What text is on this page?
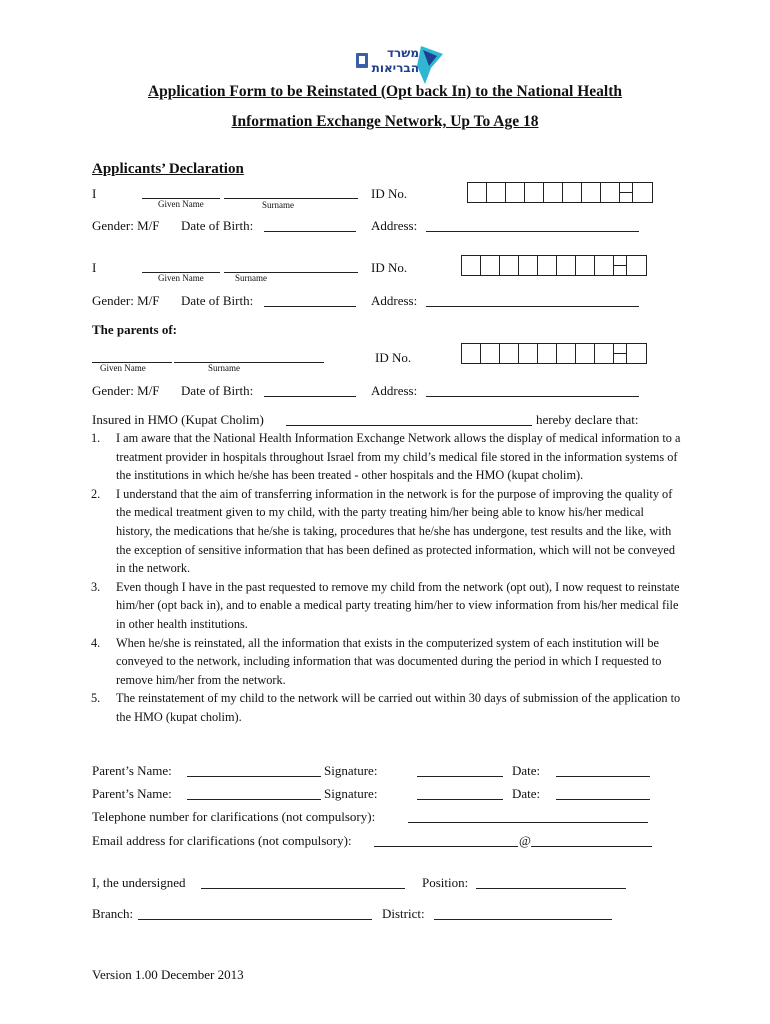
משרד
הבריאות
Application Form to be Reinstated (Opt back In) to the National Health
Information Exchange Network, Up To Age 18
Applicants’ Declaration
I
Given Name	Surname
ID No.
Gender: M/F Date of Birth:	Address:
I
Given Name	Surname
ID No.
Gender: M/F Date of Birth:	Address:
The parents of:
Given Name	Surname
ID No.
Gender: M/F Date of Birth:	Address:
Insured in HMO (Kupat Cholim)	hereby declare that:
1. I am aware that the National Health Information Exchange Network allows the display of medical information to a treatment provider in hospitals throughout Israel from my child’s medical file stored in the information systems of the institutions in which he/she has been treated - other hospitals and the HMO (kupat cholim).
2. I understand that the aim of transferring information in the network is for the purpose of improving the quality of the medical treatment given to my child, with the party treating him/her being able to know his/her medical history, the medications that he/she is taking, procedures that he/she has undergone, test results and the like, with the exception of sensitive information that has been defined as protected information, which will not be conveyed in the network.
3. Even though I have in the past requested to remove my child from the network (opt out), I now request to reinstate him/her (opt back in), and to enable a medical party treating him/her to view information from his/her medical file in other health institutions.
4. When he/she is reinstated, all the information that exists in the computerized system of each institution will be conveyed to the network, including information that was documented during the period in which I requested to remove him/her from the network.
5. The reinstatement of my child to the network will be carried out within 30 days of submission of the application to the HMO (kupat cholim).
Parent’s Name:	Signature:	Date:
Parent’s Name:	Signature:	Date:
Telephone number for clarifications (not compulsory):
Email address for clarifications (not compulsory):	@
I, the undersigned	Position:
Branch:	District:
Version 1.00 December 2013
